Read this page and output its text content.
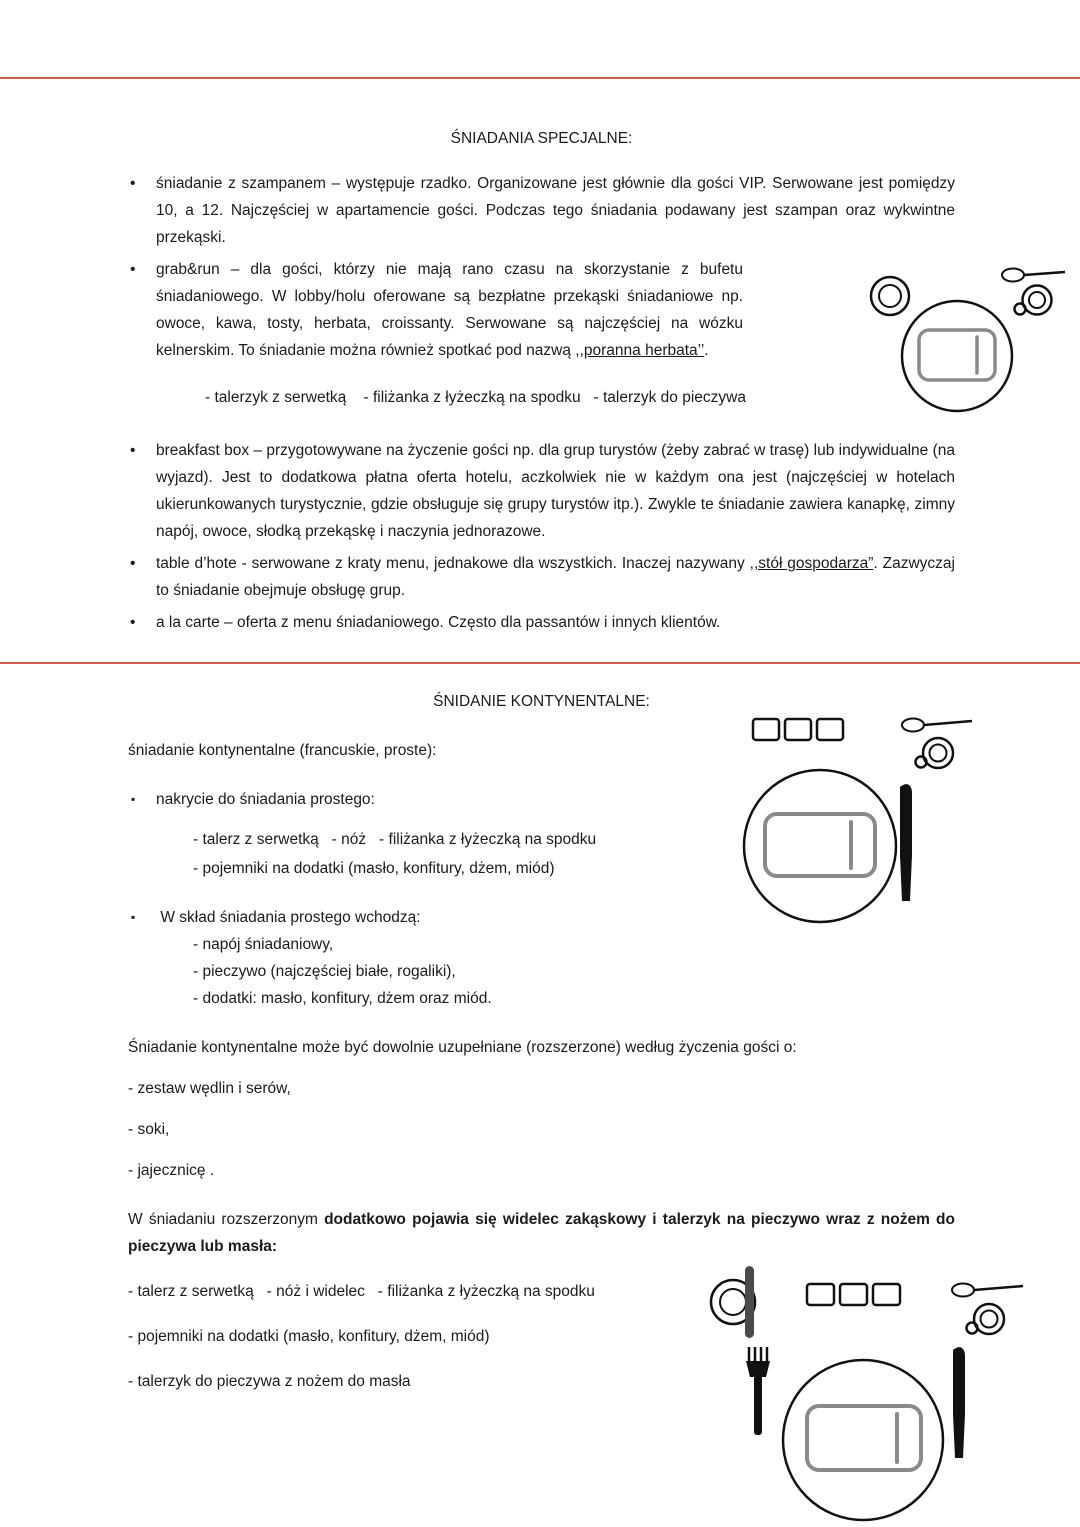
ŚNIADANIA SPECJALNE:
•	śniadanie z szampanem – występuje rzadko. Organizowane jest głównie dla gości VIP. Serwowane jest pomiędzy 10, a 12. Najczęściej w apartamencie gości. Podczas tego śniadania podawany jest szampan oraz wykwintne przekąski.
•	grab&run – dla gości, którzy nie mają rano czasu na skorzystanie z bufetu śniadaniowego. W lobby/holu oferowane są bezpłatne przekąski śniadaniowe np. owoce, kawa, tosty, herbata, croissanty. Serwowane są najczęściej na wózku kelnerskim. To śniadanie można również spotkać pod nazwą ,,poranna herbata’’.
- talerzyk z serwetką    - filiżanka z łyżeczką na spodku   - talerzyk do pieczywa
•	breakfast box – przygotowywane na życzenie gości np. dla grup turystów (żeby zabrać w trasę) lub indywidualne (na wyjazd). Jest to dodatkowa płatna oferta hotelu, aczkolwiek nie w każdym ona jest (najczęściej w hotelach ukierunkowanych turystycznie, gdzie obsługuje się grupy turystów itp.). Zwykle te śniadanie zawiera kanapkę, zimny napój, owoce, słodką przekąskę i naczynia jednorazowe.
•	table d’hote - serwowane z kraty menu, jednakowe dla wszystkich. Inaczej nazywany ,,stół gospodarza”. Zazwyczaj to śniadanie obejmuje obsługę grup.
•	a la carte – oferta z menu śniadaniowego. Często dla passantów i innych klientów.
ŚNIDANIE KONTYNENTALNE:

śniadanie kontynentalne (francuskie, proste):

▪	nakrycie do śniadania prostego:
- talerz z serwetką   - nóż   - filiżanka z łyżeczką na spodku
- pojemniki na dodatki (masło, konfitury, dżem, miód)
▪	W skład śniadania prostego wchodzą:
- napój śniadaniowy,
- pieczywo (najczęściej białe, rogaliki),
- dodatki: masło, konfitury, dżem oraz miód.

Śniadanie kontynentalne może być dowolnie uzupełniane (rozszerzone) według życzenia gości o:

- zestaw wędlin i serów,
- soki,
- jajecznicę .

W śniadaniu rozszerzonym dodatkowo pojawia się widelec zakąskowy i talerzyk na pieczywo wraz z nożem do pieczywa lub masła:

- talerz z serwetką   - nóż i widelec   - filiżanka z łyżeczką na spodku
- pojemniki na dodatki (masło, konfitury, dżem, miód)
- talerzyk do pieczywa z nożem do masła
